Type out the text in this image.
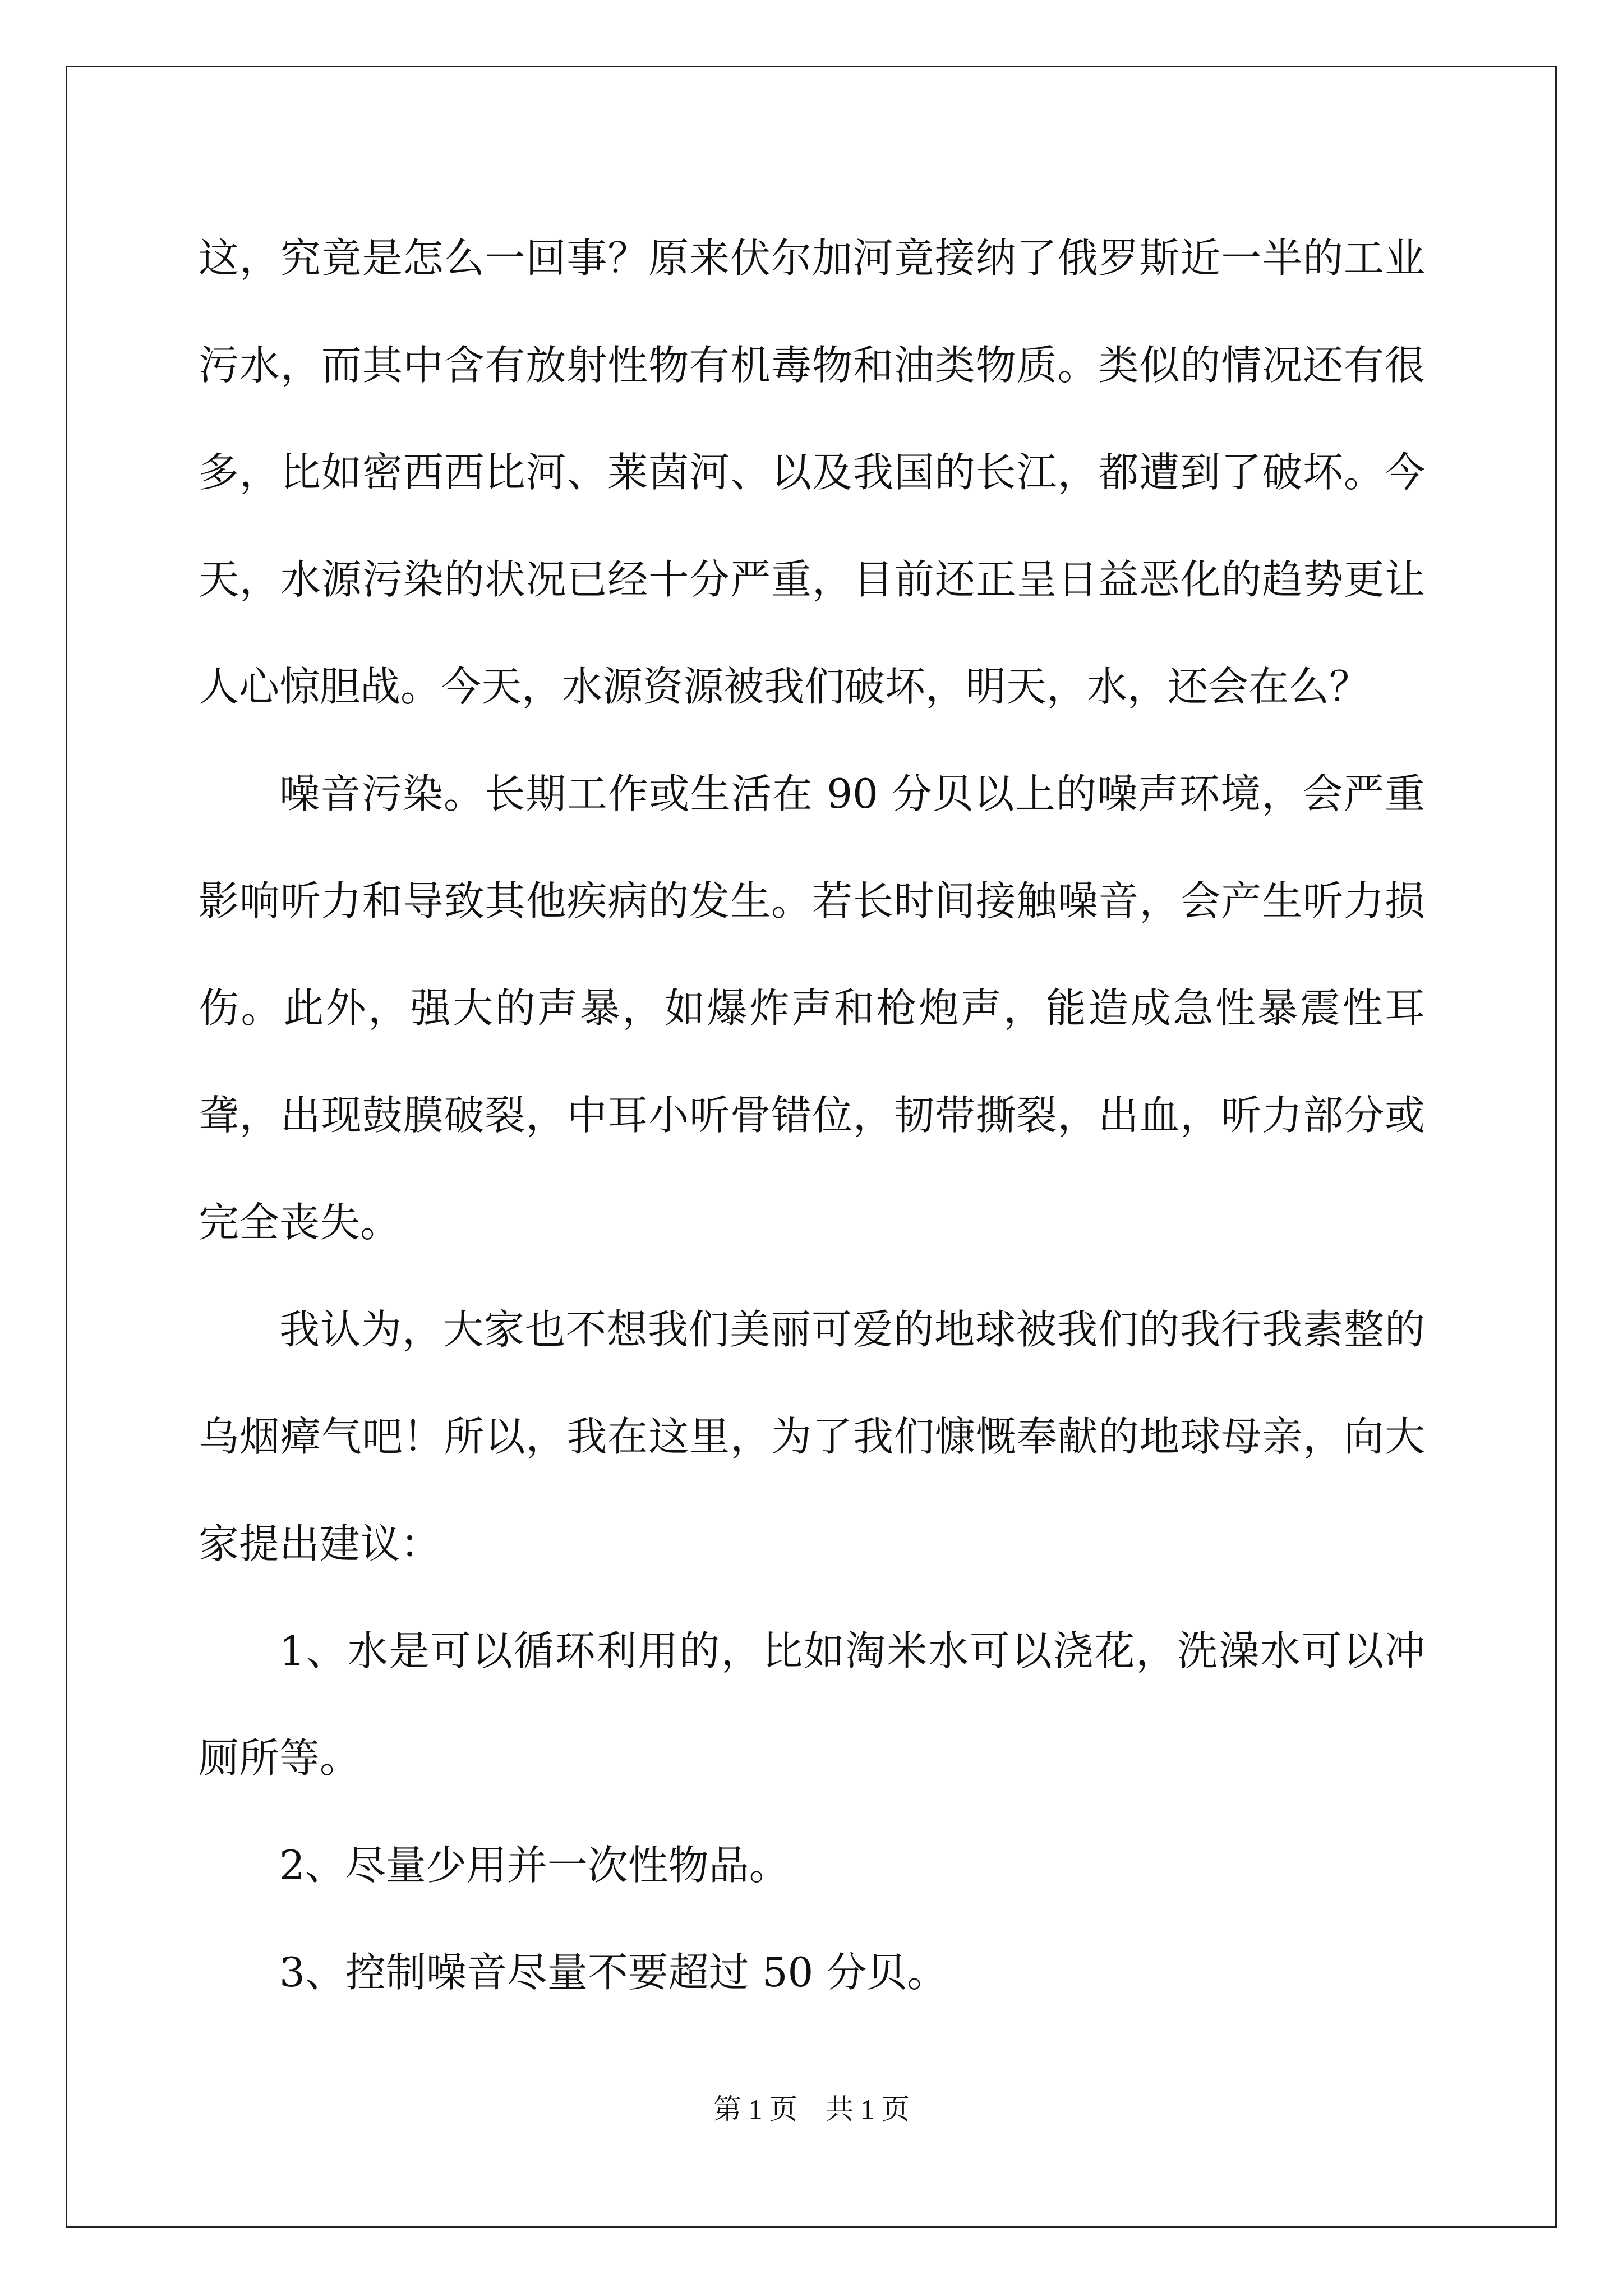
这，究竟是怎么一回事？原来伏尔加河竟接纳了俄罗斯近一半的工业污水，而其中含有放射性物有机毒物和油类物质。类似的情况还有很多，比如密西西比河、莱茵河、以及我国的长江，都遭到了破坏。今天，水源污染的状况已经十分严重，目前还正呈日益恶化的趋势更让人心惊胆战。今天，水源资源被我们破坏，明天，水，还会在么？

噪音污染。长期工作或生活在 90 分贝以上的噪声环境，会严重影响听力和导致其他疾病的发生。若长时间接触噪音，会产生听力损伤。此外，强大的声暴，如爆炸声和枪炮声，能造成急性暴震性耳聋，出现鼓膜破裂，中耳小听骨错位，韧带撕裂，出血，听力部分或完全丧失。

我认为，大家也不想我们美丽可爱的地球被我们的我行我素整的乌烟瘴气吧！所以，我在这里，为了我们慷慨奉献的地球母亲，向大家提出建议：

1、水是可以循环利用的，比如淘米水可以浇花，洗澡水可以冲厕所等。

2、尽量少用并一次性物品。

3、控制噪音尽量不要超过 50 分贝。

第 1 页　共 1 页
